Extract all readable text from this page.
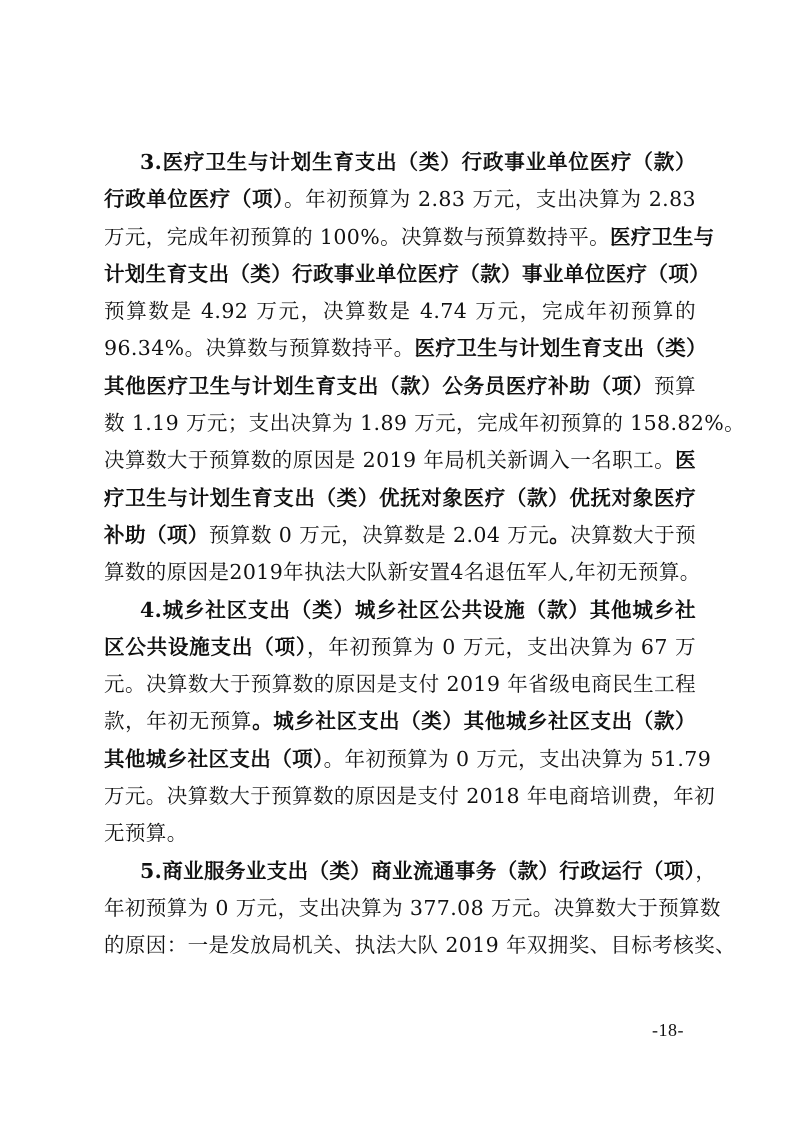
3.医疗卫生与计划生育支出（类）行政事业单位医疗（款）
行政单位医疗（项）。年初预算为 2.83 万元，支出决算为 2.83
万元，完成年初预算的 100%。决算数与预算数持平。医疗卫生与
计划生育支出（类）行政事业单位医疗（款）事业单位医疗（项）
预算数是 4.92 万元，决算数是 4.74 万元，完成年初预算的
96.34%。决算数与预算数持平。医疗卫生与计划生育支出（类）
其他医疗卫生与计划生育支出（款）公务员医疗补助（项）预算
数 1.19 万元；支出决算为 1.89 万元，完成年初预算的 158.82%。
决算数大于预算数的原因是 2019 年局机关新调入一名职工。医
疗卫生与计划生育支出（类）优抚对象医疗（款）优抚对象医疗
补助（项）预算数 0 万元，决算数是 2.04 万元。决算数大于预
算数的原因是2019年执法大队新安置4名退伍军人,年初无预算。
4.城乡社区支出（类）城乡社区公共设施（款）其他城乡社
区公共设施支出（项），年初预算为 0 万元，支出决算为 67 万
元。决算数大于预算数的原因是支付 2019 年省级电商民生工程
款，年初无预算。城乡社区支出（类）其他城乡社区支出（款）
其他城乡社区支出（项）。年初预算为 0 万元，支出决算为 51.79
万元。决算数大于预算数的原因是支付 2018 年电商培训费，年初
无预算。
5.商业服务业支出（类）商业流通事务（款）行政运行（项），
年初预算为 0 万元，支出决算为 377.08 万元。决算数大于预算数
的原因：一是发放局机关、执法大队 2019 年双拥奖、目标考核奖、
-18-
